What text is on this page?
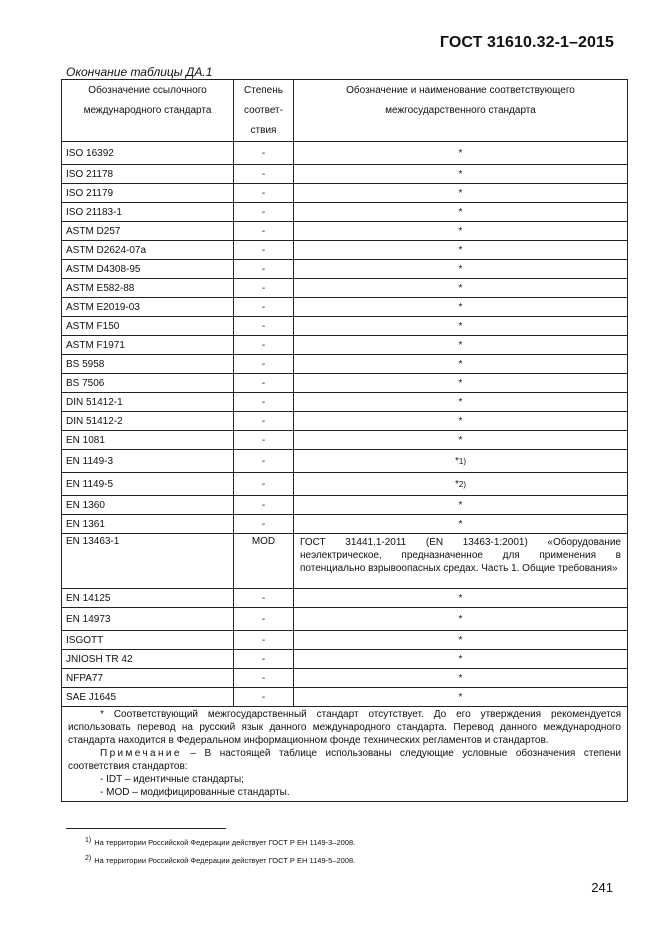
ГОСТ 31610.32-1–2015
Окончание таблицы ДА.1
Обозначение ссылочного международного стандарта	Степень соответ-ствия	Обозначение и наименование соответствующего межгосударственного стандарта
ISO 16392	-	*
ISO 21178	-	*
ISO 21179	-	*
ISO 21183-1	-	*
ASTM D257	-	*
ASTM D2624-07a	-	*
ASTM D4308-95	-	*
ASTM E582-88	-	*
ASTM E2019-03	-	*
ASTM F150	-	*
ASTM F1971	-	*
BS 5958	-	*
BS 7506	-	*
DIN 51412-1	-	*
DIN 51412-2	-	*
EN 1081	-	*
EN 1149-3	-	*1)
EN 1149-5	-	*2)
EN 1360	-	*
EN 1361	-	*
EN 13463-1	MOD	ГОСТ 31441.1-2011 (EN 13463-1:2001) «Оборудование неэлектрическое, предназначенное для применения в потенциально взрывоопасных средах. Часть 1. Общие требования»
EN 14125	-	*
EN 14973	-	*
ISGOTT	-	*
JNIOSH TR 42	-	*
NFPA77	-	*
SAE J1645	-	*

* Соответствующий межгосударственный стандарт отсутствует. До его утверждения рекомендуется использовать перевод на русский язык данного международного стандарта. Перевод данного международного стандарта находится в Федеральном информационном фонде технических регламентов и стандартов.

Примечание – В настоящей таблице использованы следующие условные обозначения степени соответствия стандартов:

- IDT – идентичные стандарты;

- MOD – модифицированные стандарты.		

1) На территории Российской Федерации действует ГОСТ Р ЕН 1149-3–2008.
2) На территории Российской Федерации действует ГОСТ Р ЕН 1149-5–2008.
241
